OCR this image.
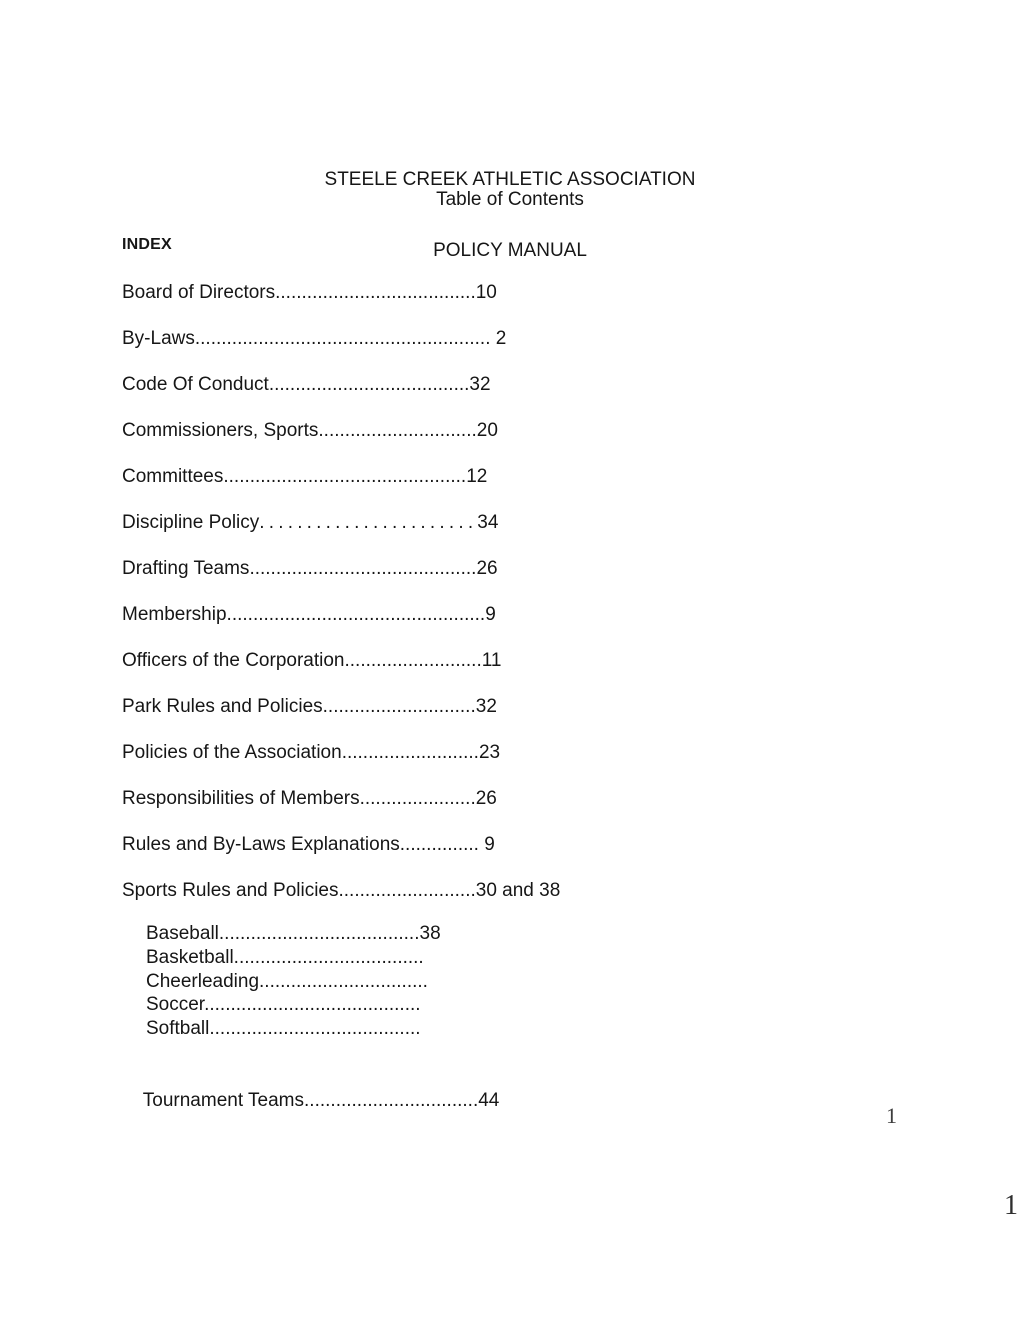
STEELE CREEK ATHLETIC ASSOCIATION

POLICY MANUAL

Table of Contents
INDEX
Board of Directors......................................10
By-Laws........................................................ 2
Code Of Conduct......................................32
Commissioners, Sports..............................20
Committees..............................................12
Discipline Policy.......................34
Drafting Teams...........................................26
Membership.................................................9
Officers of the Corporation..........................11
Park Rules and Policies.............................32
Policies of the Association..........................23
Responsibilities of Members......................26
Rules and By-Laws Explanations............... 9
Sports Rules and Policies..........................30 and 38
Baseball......................................38
Basketball....................................
Cheerleading................................
Soccer.........................................
Softball........................................

Tournament Teams.................................44

1
1
